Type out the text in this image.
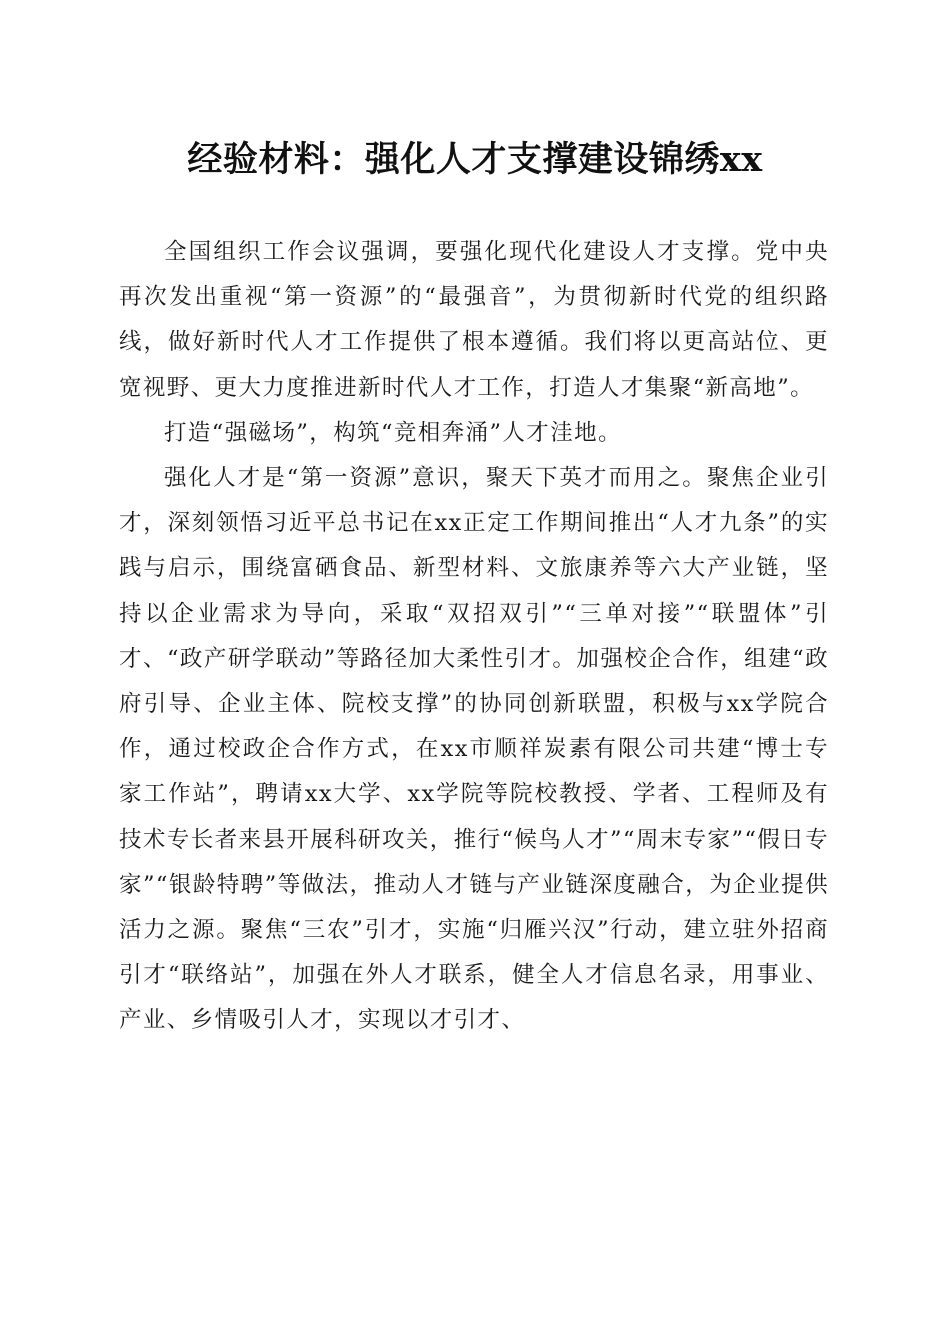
经验材料：强化人才支撑建设锦绣xx

全国组织工作会议强调，要强化现代化建设人才支撑。党中央再次发出重视“第一资源”的“最强音”，为贯彻新时代党的组织路线，做好新时代人才工作提供了根本遵循。我们将以更高站位、更宽视野、更大力度推进新时代人才工作，打造人才集聚“新高地”。

打造“强磁场”，构筑“竞相奔涌”人才洼地。

强化人才是“第一资源”意识，聚天下英才而用之。聚焦企业引才，深刻领悟习近平总书记在xx正定工作期间推出“人才九条”的实践与启示，围绕富硒食品、新型材料、文旅康养等六大产业链，坚持以企业需求为导向，采取“双招双引”“三单对接”“联盟体”引才、“政产研学联动”等路径加大柔性引才。加强校企合作，组建“政府引导、企业主体、院校支撑”的协同创新联盟，积极与xx学院合作，通过校政企合作方式，在xx市顺祥炭素有限公司共建“博士专家工作站”，聘请xx大学、xx学院等院校教授、学者、工程师及有技术专长者来县开展科研攻关，推行“候鸟人才”“周末专家”“假日专家”“银龄特聘”等做法，推动人才链与产业链深度融合，为企业提供活力之源。聚焦“三农”引才，实施“归雁兴汉”行动，建立驻外招商引才“联络站”，加强在外人才联系，健全人才信息名录，用事业、产业、乡情吸引人才，实现以才引才、
